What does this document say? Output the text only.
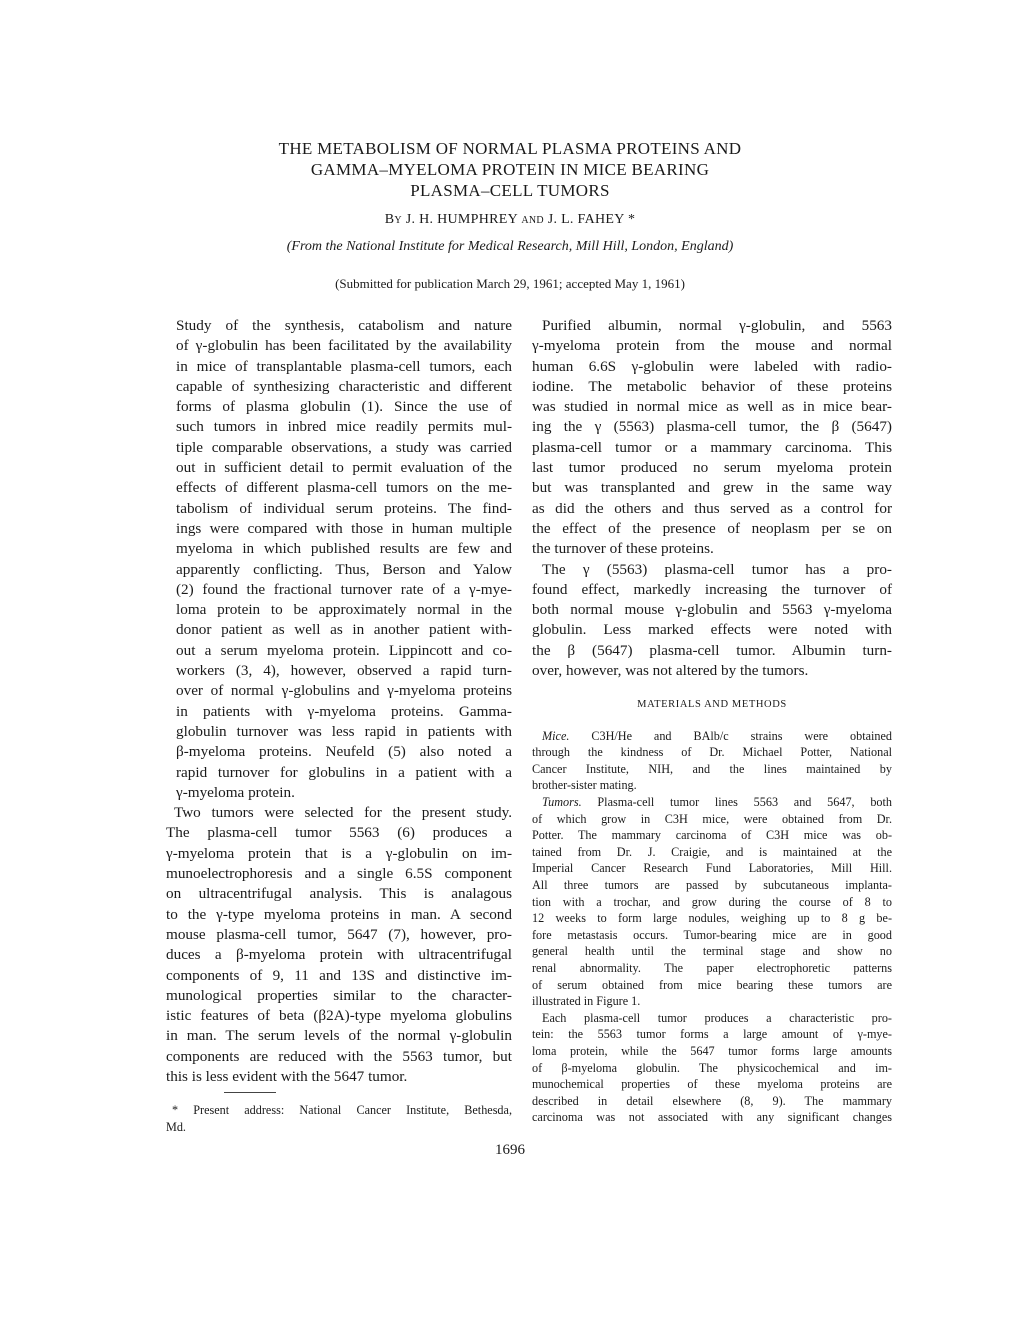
THE METABOLISM OF NORMAL PLASMA PROTEINS AND
GAMMA–MYELOMA PROTEIN IN MICE BEARING
PLASMA–CELL TUMORS
BY J. H. HUMPHREY AND J. L. FAHEY *
(From the National Institute for Medical Research, Mill Hill, London, England)
(Submitted for publication March 29, 1961; accepted May 1, 1961)

Study of the synthesis, catabolism and nature
of γ-globulin has been facilitated by the availability
in mice of transplantable plasma-cell tumors, each
capable of synthesizing characteristic and different
forms of plasma globulin (1). Since the use of
such tumors in inbred mice readily permits mul-
tiple comparable observations, a study was carried
out in sufficient detail to permit evaluation of the
effects of different plasma-cell tumors on the me-
tabolism of individual serum proteins. The find-
ings were compared with those in human multiple
myeloma in which published results are few and
apparently conflicting. Thus, Berson and Yalow
(2) found the fractional turnover rate of a γ-mye-
loma protein to be approximately normal in the
donor patient as well as in another patient with-
out a serum myeloma protein. Lippincott and co-
workers (3, 4), however, observed a rapid turn-
over of normal γ-globulins and γ-myeloma proteins
in patients with γ-myeloma proteins. Gamma-
globulin turnover was less rapid in patients with
β-myeloma proteins. Neufeld (5) also noted a
rapid turnover for globulins in a patient with a
γ-myeloma protein.

Two tumors were selected for the present study.
The plasma-cell tumor 5563 (6) produces a
γ-myeloma protein that is a γ-globulin on im-
munoelectrophoresis and a single 6.5S component
on ultracentrifugal analysis. This is analagous
to the γ-type myeloma proteins in man. A second
mouse plasma-cell tumor, 5647 (7), however, pro-
duces a β-myeloma protein with ultracentrifugal
components of 9, 11 and 13S and distinctive im-
munological properties similar to the character-
istic features of beta (β2A)-type myeloma globulins
in man. The serum levels of the normal γ-globulin
components are reduced with the 5563 tumor, but
this is less evident with the 5647 tumor.

Purified albumin, normal γ-globulin, and 5563
γ-myeloma protein from the mouse and normal
human 6.6S γ-globulin were labeled with radio-
iodine. The metabolic behavior of these proteins
was studied in normal mice as well as in mice bear-
ing the γ (5563) plasma-cell tumor, the β (5647)
plasma-cell tumor or a mammary carcinoma. This
last tumor produced no serum myeloma protein
but was transplanted and grew in the same way
as did the others and thus served as a control for
the effect of the presence of neoplasm per se on
the turnover of these proteins.

The γ (5563) plasma-cell tumor has a pro-
found effect, markedly increasing the turnover of
both normal mouse γ-globulin and 5563 γ-myeloma
globulin. Less marked effects were noted with
the β (5647) plasma-cell tumor. Albumin turn-
over, however, was not altered by the tumors.

MATERIALS AND METHODS

Mice. C3H/He and BAlb/c strains were obtained
through the kindness of Dr. Michael Potter, National
Cancer Institute, NIH, and the lines maintained by
brother-sister mating.

Tumors. Plasma-cell tumor lines 5563 and 5647, both
of which grow in C3H mice, were obtained from Dr.
Potter. The mammary carcinoma of C3H mice was ob-
tained from Dr. J. Craigie, and is maintained at the
Imperial Cancer Research Fund Laboratories, Mill Hill.
All three tumors are passed by subcutaneous implanta-
tion with a trochar, and grow during the course of 8 to
12 weeks to form large nodules, weighing up to 8 g be-
fore metastasis occurs. Tumor-bearing mice are in good
general health until the terminal stage and show no
renal abnormality. The paper electrophoretic patterns
of serum obtained from mice bearing these tumors are
illustrated in Figure 1.

Each plasma-cell tumor produces a characteristic pro-
tein: the 5563 tumor forms a large amount of γ-mye-
loma protein, while the 5647 tumor forms large amounts
of β-myeloma globulin. The physicochemical and im-
munochemical properties of these myeloma proteins are
described in detail elsewhere (8, 9). The mammary
carcinoma was not associated with any significant changes

* Present address: National Cancer Institute, Bethesda,
Md.
1696
